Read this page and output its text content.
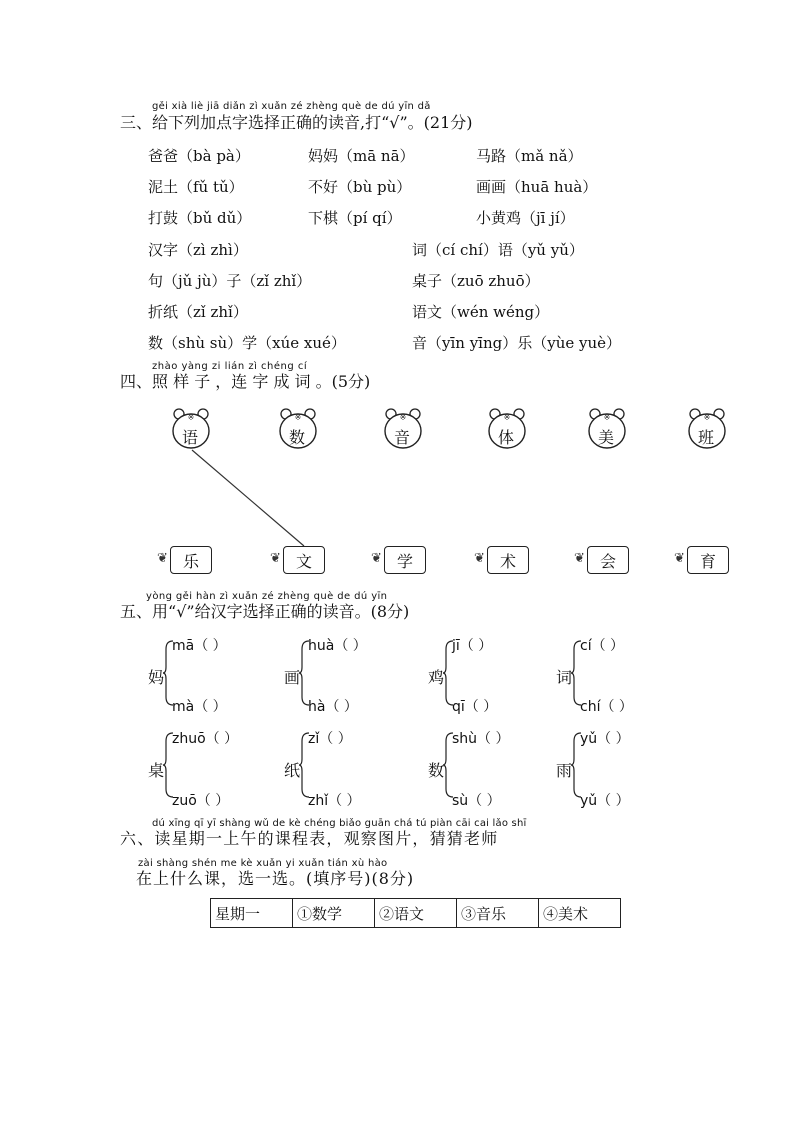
gěi xià liè jiā diǎn zì xuǎn zé zhèng què de dú yīn dǎ
三、给下列加点字选择正确的读音,打“√”。(21分)
爸爸（bà pà）	妈妈（mā nā）	马路（mǎ nǎ）
泥土（fǔ tǔ）	不好（bù pù）	画画（huā huà）
打鼓（bǔ dǔ）	下棋（pí qí）	小黄鸡（jī jí）
汉字（zì zhì）	词（cí chí）语（yǔ yǔ）
句（jǔ jù）子（zǐ zhǐ）	桌子（zuō zhuō）
折纸（zǐ zhǐ）	语文（wén wéng）
数（shù sù）学（xúe xué）	音（yīn yīng）乐（yùe yuè）
zhào yàng zi lián zì chéng cí
四、照 样 子 ，连 字 成 词 。(5分)
※
语
※
数
※
音
※
体
※
美
※
班
❦ 乐	❦ 文	❦ 学	❦ 术	❦ 会	❦ 育
yòng gěi hàn zì xuǎn zé zhèng què de dú yīn
五、用“√”给汉字选择正确的读音。(8分)
妈
mā（ ）
mà（ ）
画
huà（ ）
hà（ ）
鸡
jī（ ）
qī（ ）
词
cí（ ）
chí（ ）
桌
zhuō（ ）
zuō（ ）
纸
zǐ（ ）
zhǐ（ ）
数
shù（ ）
sù（ ）
雨
yǔ（ ）
yǔ（ ）
dú xīng qī yī shàng wǔ de kè chéng biǎo guān chá tú piàn cāi cai lǎo shī
六、读星期一上午的课程表，观察图片，猜猜老师
zài shàng shén me kè xuǎn yi xuǎn tián xù hào
在上什么课，选一选。(填序号)(8分)
星期一	①数学	②语文	③音乐	④美术
